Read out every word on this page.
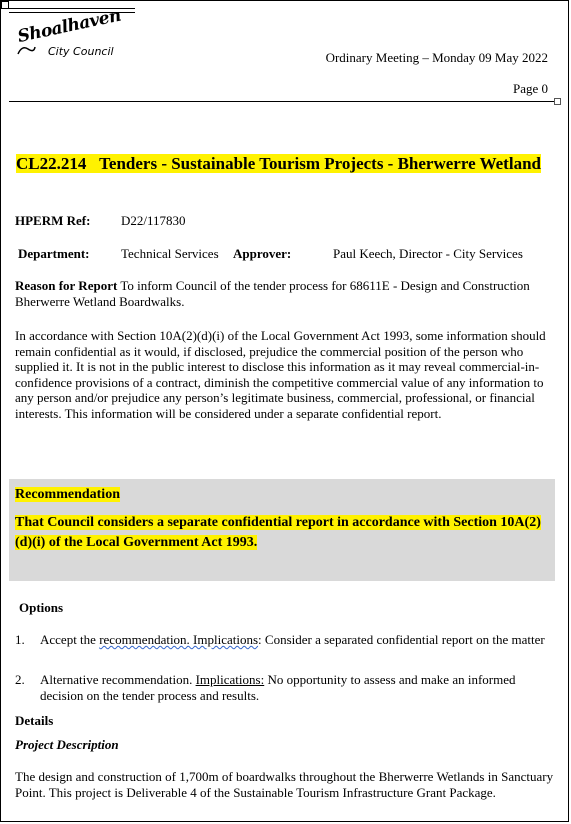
Shoalhaven
City Council	Ordinary Meeting – Monday 09 May 2022
Page 0
CL22.214 Tenders - Sustainable Tourism Projects - Bherwerre Wetland
HPERM Ref: D22/117830
Department: Technical Services Approver:	Paul Keech, Director - City Services

Reason for Report To inform Council of the tender process for 68611E - Design and Construction Bherwerre Wetland Boardwalks.

In accordance with Section 10A(2)(d)(i) of the Local Government Act 1993, some information should remain confidential as it would, if disclosed, prejudice the commercial position of the person who supplied it. It is not in the public interest to disclose this information as it may reveal commercial-in-confidence provisions of a contract, diminish the competitive commercial value of any information to any person and/or prejudice any person’s legitimate business, commercial, professional, or financial interests. This information will be considered under a separate confidential report.

Recommendation
That Council considers a separate confidential report in accordance with Section 10A(2)(d)(i) of the Local Government Act 1993.
Options
1. Accept the recommendation. Implications: Consider a separated confidential report on the matter
2. Alternative recommendation. Implications: No opportunity to assess and make an informed decision on the tender process and results.
Details
Project Description

The design and construction of 1,700m of boardwalks throughout the Bherwerre Wetlands in Sanctuary Point. This project is Deliverable 4 of the Sustainable Tourism Infrastructure Grant Package.
